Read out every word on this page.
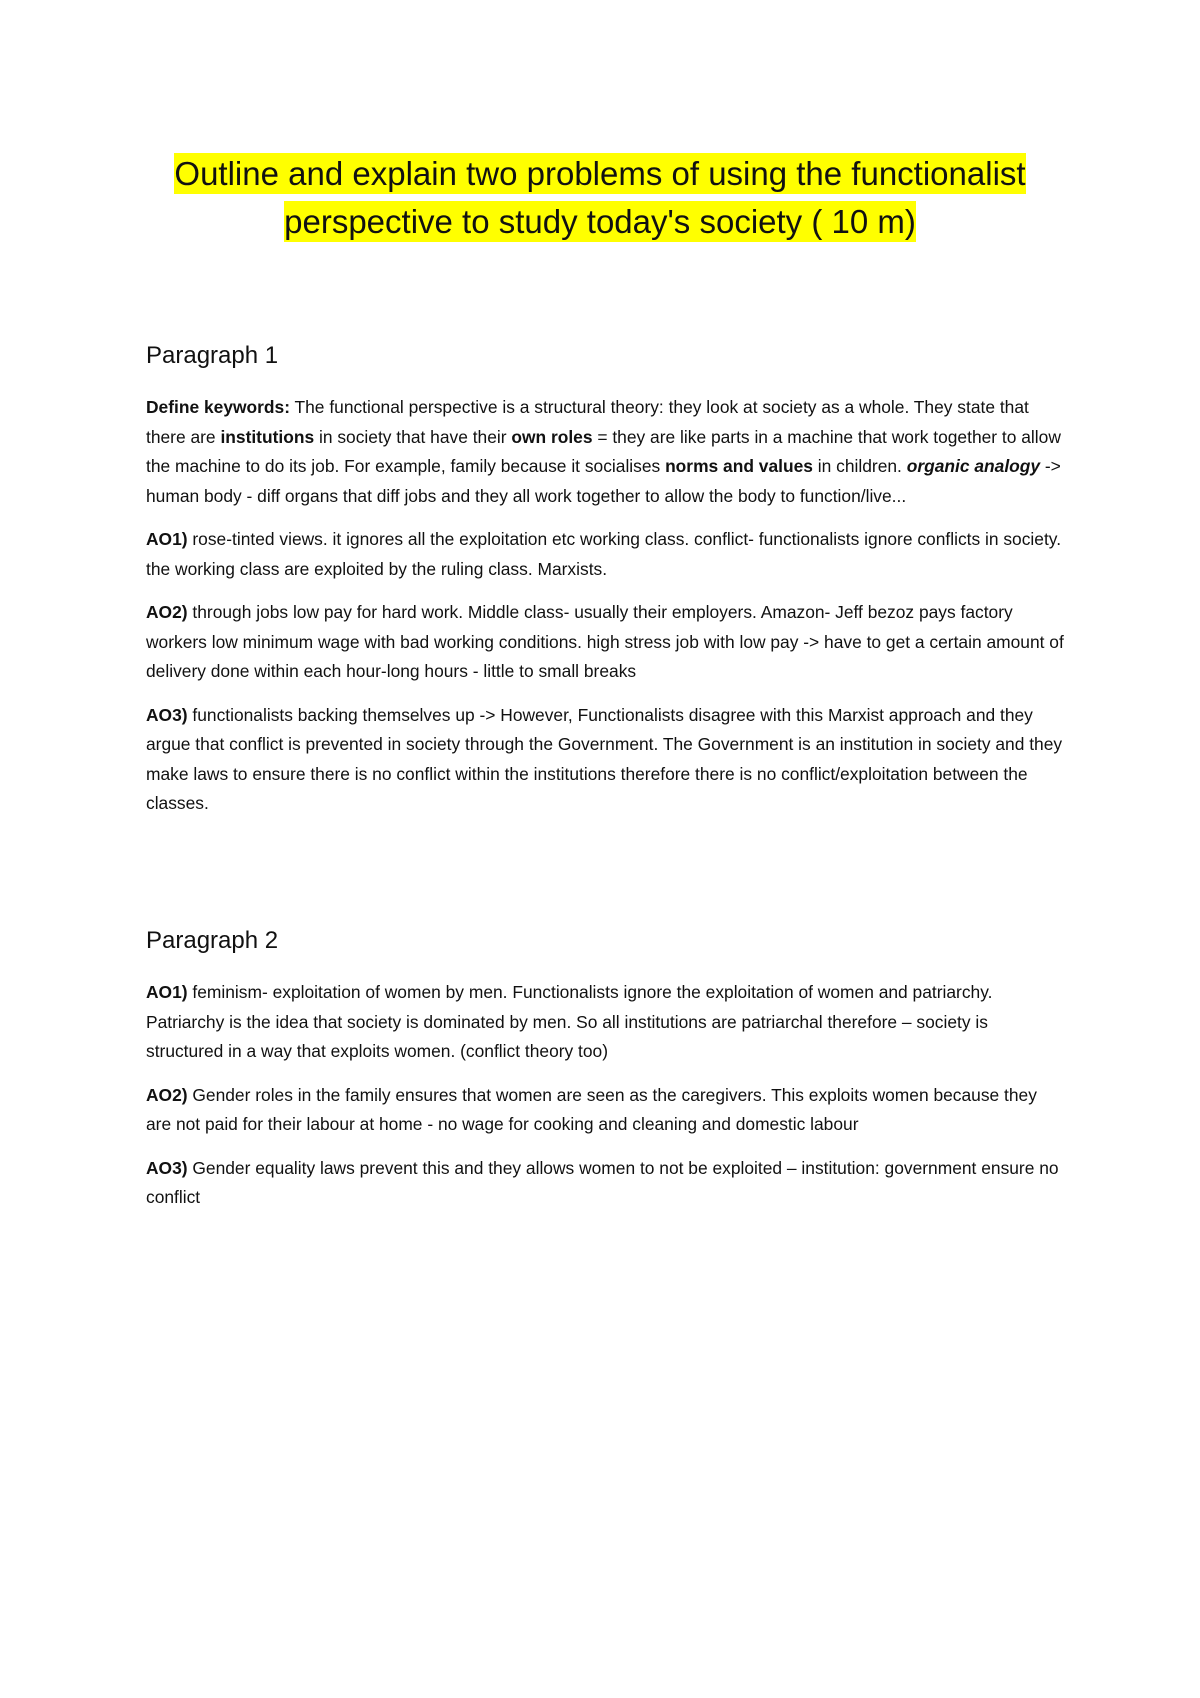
Outline and explain two problems of using the functionalist
perspective to study today's society ( 10 m)
Paragraph 1

Define keywords: The functional perspective is a structural theory: they look at society as a whole. They state that there are institutions in society that have their own roles = they are like parts in a machine that work together to allow the machine to do its job. For example, family because it socialises norms and values in children. organic analogy -> human body - diff organs that diff jobs and they all work together to allow the body to function/live...

AO1) rose-tinted views. it ignores all the exploitation etc working class. conflict- functionalists ignore conflicts in society. the working class are exploited by the ruling class. Marxists.

AO2) through jobs low pay for hard work. Middle class- usually their employers. Amazon- Jeff bezoz pays factory workers low minimum wage with bad working conditions. high stress job with low pay -> have to get a certain amount of delivery done within each hour-long hours - little to small breaks

AO3) functionalists backing themselves up -> However, Functionalists disagree with this Marxist approach and they argue that conflict is prevented in society through the Government. The Government is an institution in society and they make laws to ensure there is no conflict within the institutions therefore there is no conflict/exploitation between the classes.

Paragraph 2

AO1) feminism- exploitation of women by men. Functionalists ignore the exploitation of women and patriarchy. Patriarchy is the idea that society is dominated by men. So all institutions are patriarchal therefore – society is structured in a way that exploits women. (conflict theory too)

AO2) Gender roles in the family ensures that women are seen as the caregivers. This exploits women because they are not paid for their labour at home - no wage for cooking and cleaning and domestic labour

AO3) Gender equality laws prevent this and they allows women to not be exploited – institution: government ensure no conflict
